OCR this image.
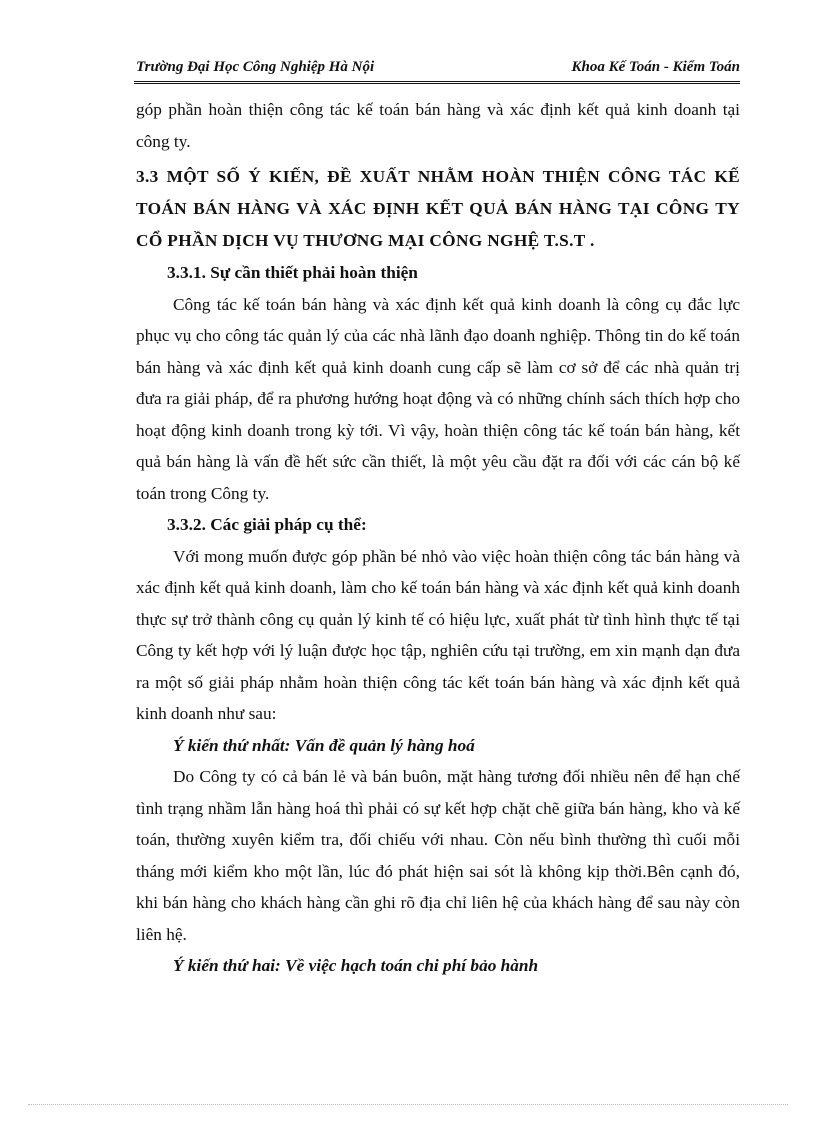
Trường Đại Học Công Nghiệp Hà Nội	Khoa Kế Toán - Kiểm Toán

góp phần hoàn thiện công tác kế toán bán hàng và xác định kết quả kinh doanh tại công ty.

3.3 MỘT SỐ Ý KIẾN, ĐỀ XUẤT NHẰM HOÀN THIỆN CÔNG TÁC KẾ TOÁN BÁN HÀNG VÀ XÁC ĐỊNH KẾT QUẢ BÁN HÀNG TẠI CÔNG TY CỔ PHẦN DỊCH VỤ THƯƠNG MẠI CÔNG NGHỆ T.S.T .

3.3.1. Sự cần thiết phải hoàn thiện

Công tác kế toán bán hàng và xác định kết quả kinh doanh là công cụ đắc lực phục vụ cho công tác quản lý của các nhà lãnh đạo doanh nghiệp. Thông tin do kế toán bán hàng và xác định kết quả kinh doanh cung cấp sẽ làm cơ sở để các nhà quản trị đưa ra giải pháp, để ra phương hướng hoạt động và có những chính sách thích hợp cho hoạt động kinh doanh trong kỳ tới. Vì vậy, hoàn thiện công tác kế toán bán hàng, kết quả bán hàng là vấn đề hết sức cần thiết, là một yêu cầu đặt ra đối với các cán bộ kế toán trong Công ty.

3.3.2. Các giải pháp cụ thể:

Với mong muốn được góp phần bé nhỏ vào việc hoàn thiện công tác bán hàng và xác định kết quả kinh doanh, làm cho kế toán bán hàng và xác định kết quả kinh doanh thực sự trở thành công cụ quản lý kinh tế có hiệu lực, xuất phát từ tình hình thực tế tại Công ty kết hợp với lý luận được học tập, nghiên cứu tại trường, em xin mạnh dạn đưa ra một số giải pháp nhằm hoàn thiện công tác kết toán bán hàng và xác định kết quả kinh doanh như sau:

Ý kiến thứ nhất: Vấn đề quản lý hàng hoá

Do Công ty có cả bán lẻ và bán buôn, mặt hàng tương đối nhiều nên để hạn chế tình trạng nhầm lẫn hàng hoá thì phải có sự kết hợp chặt chẽ giữa bán hàng, kho và kế toán, thường xuyên kiểm tra, đối chiếu với nhau. Còn nếu bình thường thì cuối mỗi tháng mới kiểm kho một lần, lúc đó phát hiện sai sót là không kịp thời.Bên cạnh đó, khi bán hàng cho khách hàng cần ghi rõ địa chỉ liên hệ của khách hàng để sau này còn liên hệ.

Ý kiến thứ hai: Về việc hạch toán chi phí bảo hành
